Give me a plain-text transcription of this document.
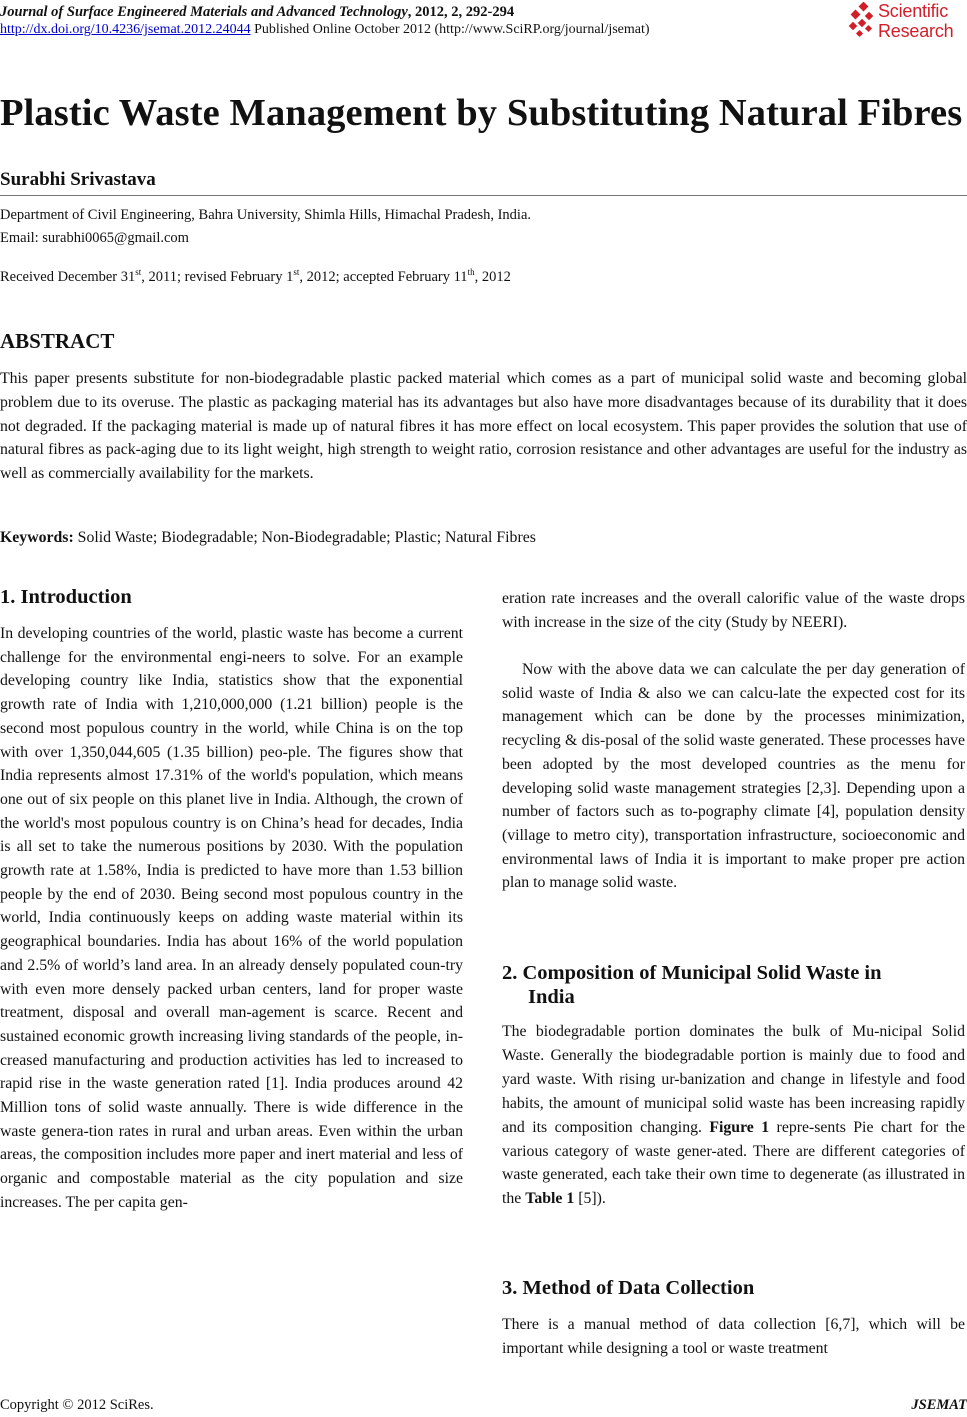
Journal of Surface Engineered Materials and Advanced Technology, 2012, 2, 292-294
http://dx.doi.org/10.4236/jsemat.2012.24044 Published Online October 2012 (http://www.SciRP.org/journal/jsemat)
Scientific
Research
Plastic Waste Management by Substituting Natural Fibres
Surabhi Srivastava
Department of Civil Engineering, Bahra University, Shimla Hills, Himachal Pradesh, India.
Email: surabhi0065@gmail.com
Received December 31st, 2011; revised February 1st, 2012; accepted February 11th, 2012
ABSTRACT
This paper presents substitute for non-biodegradable plastic packed material which comes as a part of municipal solid waste and becoming global problem due to its overuse. The plastic as packaging material has its advantages but also have more disadvantages because of its durability that it does not degraded. If the packaging material is made up of natural fibres it has more effect on local ecosystem. This paper provides the solution that use of natural fibres as pack-aging due to its light weight, high strength to weight ratio, corrosion resistance and other advantages are useful for the industry as well as commercially availability for the markets.
Keywords: Solid Waste; Biodegradable; Non-Biodegradable; Plastic; Natural Fibres
1. Introduction
In developing countries of the world, plastic waste has become a current challenge for the environmental engi-neers to solve. For an example developing country like India, statistics show that the exponential growth rate of India with 1,210,000,000 (1.21 billion) people is the second most populous country in the world, while China is on the top with over 1,350,044,605 (1.35 billion) peo-ple. The figures show that India represents almost 17.31% of the world's population, which means one out of six people on this planet live in India. Although, the crown of the world's most populous country is on China’s head for decades, India is all set to take the numerous positions by 2030. With the population growth rate at 1.58%, India is predicted to have more than 1.53 billion people by the end of 2030. Being second most populous country in the world, India continuously keeps on adding waste material within its geographical boundaries. India has about 16% of the world population and 2.5% of world’s land area. In an already densely populated coun-try with even more densely packed urban centers, land for proper waste treatment, disposal and overall man-agement is scarce. Recent and sustained economic growth increasing living standards of the people, in-creased manufacturing and production activities has led to increased to rapid rise in the waste generation rated [1]. India produces around 42 Million tons of solid waste annually. There is wide difference in the waste genera-tion rates in rural and urban areas. Even within the urban areas, the composition includes more paper and inert material and less of organic and compostable material as the city population and size increases. The per capita gen-
eration rate increases and the overall calorific value of the waste drops with increase in the size of the city (Study by NEERI).
Now with the above data we can calculate the per day generation of solid waste of India & also we can calcu-late the expected cost for its management which can be done by the processes minimization, recycling & dis-posal of the solid waste generated. These processes have been adopted by the most developed countries as the menu for developing solid waste management strategies [2,3]. Depending upon a number of factors such as to-pography climate [4], population density (village to metro city), transportation infrastructure, socioeconomic and environmental laws of India it is important to make proper pre action plan to manage solid waste.
2. Composition of Municipal Solid Waste in
India
The biodegradable portion dominates the bulk of Mu-nicipal Solid Waste. Generally the biodegradable portion is mainly due to food and yard waste. With rising ur-banization and change in lifestyle and food habits, the amount of municipal solid waste has been increasing rapidly and its composition changing. Figure 1 repre-sents Pie chart for the various category of waste gener-ated. There are different categories of waste generated, each take their own time to degenerate (as illustrated in the Table 1 [5]).
3. Method of Data Collection
There is a manual method of data collection [6,7], which will be important while designing a tool or waste treatment
Copyright © 2012 SciRes.	JSEMAT
